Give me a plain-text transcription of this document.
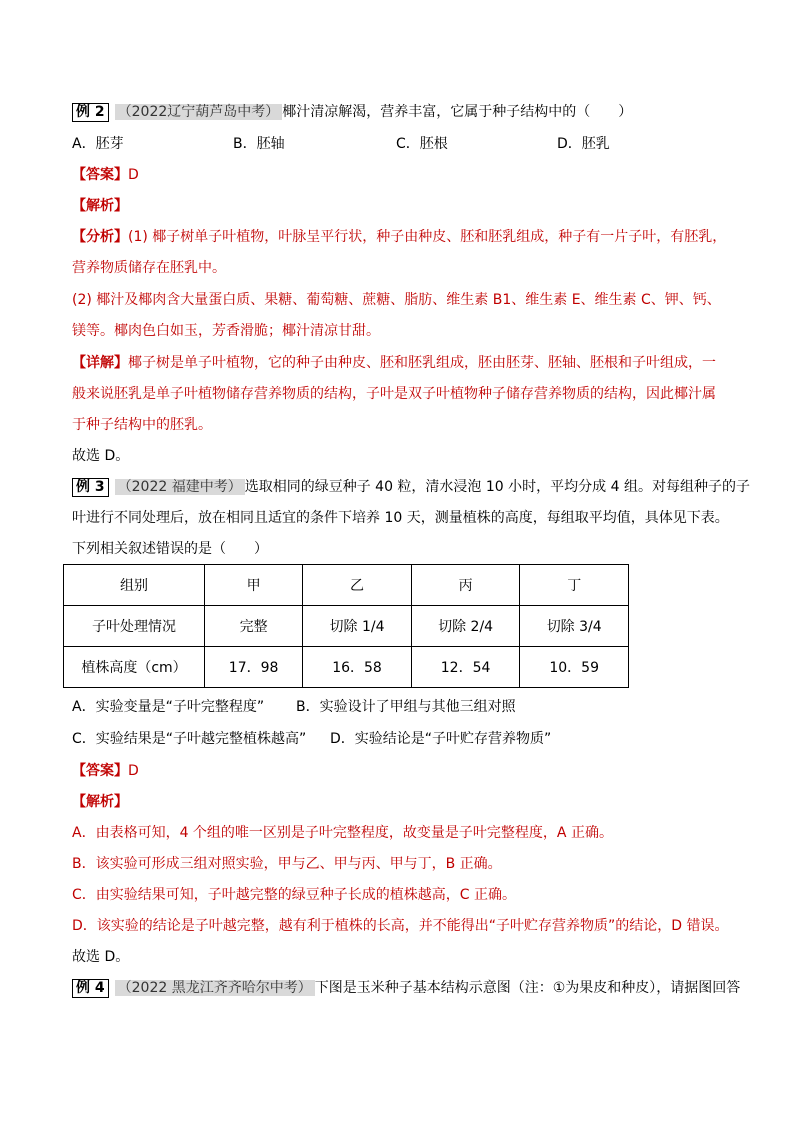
例 2 （2022辽宁葫芦岛中考） 椰汁清凉解渴，营养丰富，它属于种子结构中的（　　）
A．胚芽	B．胚轴	C．胚根	D．胚乳
【答案】D
【解析】
【分析】(1) 椰子树单子叶植物，叶脉呈平行状，种子由种皮、胚和胚乳组成，种子有一片子叶，有胚乳，
营养物质储存在胚乳中。
(2) 椰汁及椰肉含大量蛋白质、果糖、葡萄糖、蔗糖、脂肪、维生素 B1、维生素 E、维生素 C、钾、钙、
镁等。椰肉色白如玉，芳香滑脆；椰汁清凉甘甜。
【详解】椰子树是单子叶植物，它的种子由种皮、胚和胚乳组成，胚由胚芽、胚轴、胚根和子叶组成，一
般来说胚乳是单子叶植物储存营养物质的结构，子叶是双子叶植物种子储存营养物质的结构，因此椰汁属
于种子结构中的胚乳。
故选 D。
例 3 （2022 福建中考） 选取相同的绿豆种子 40 粒，清水浸泡 10 小时，平均分成 4 组。对每组种子的子
叶进行不同处理后，放在相同且适宜的条件下培养 10 天，测量植株的高度，每组取平均值，具体见下表。
下列相关叙述错误的是（　　）
组别	甲	乙	丙	丁
子叶处理情况	完整	切除 1/4	切除 2/4	切除 3/4
植株高度（cm）	17．98	16．58	12．54	10．59
A．实验变量是“子叶完整程度” B．实验设计了甲组与其他三组对照
C．实验结果是“子叶越完整植株越高” D．实验结论是“子叶贮存营养物质”
【答案】D
【解析】
A．由表格可知，4 个组的唯一区别是子叶完整程度，故变量是子叶完整程度，A 正确。
B．该实验可形成三组对照实验，甲与乙、甲与丙、甲与丁，B 正确。
C．由实验结果可知，子叶越完整的绿豆种子长成的植株越高，C 正确。
D．该实验的结论是子叶越完整，越有利于植株的长高，并不能得出“子叶贮存营养物质”的结论，D 错误。
故选 D。
例 4 （2022 黑龙江齐齐哈尔中考） 下图是玉米种子基本结构示意图（注：①为果皮和种皮），请据图回答
